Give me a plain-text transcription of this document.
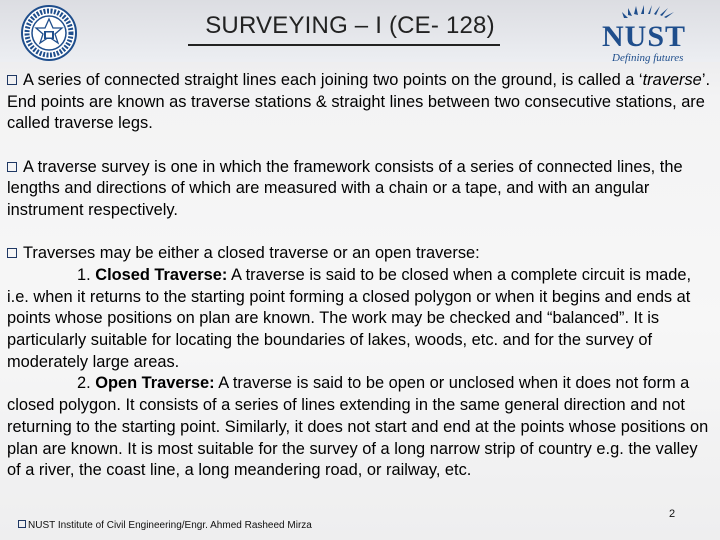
NUST
Defining futures
SURVEYING – I (CE- 128)

A series of connected straight lines each joining two points on the ground, is called a ‘traverse’. End points are known as traverse stations & straight lines between two consecutive stations, are called traverse legs.

A traverse survey is one in which the framework consists of a series of connected lines, the lengths and directions of which are measured with a chain or a tape, and with an angular instrument respectively.

Traverses may be either a closed traverse or an open traverse:
1. Closed Traverse: A traverse is said to be closed when a complete circuit is made, i.e. when it returns to the starting point forming a closed polygon or when it begins and ends at points whose positions on plan are known. The work may be checked and “balanced”. It is particularly suitable for locating the boundaries of lakes, woods, etc. and for the survey of moderately large areas.
2. Open Traverse: A traverse is said to be open or unclosed when it does not form a closed polygon. It consists of a series of lines extending in the same general direction and not returning to the starting point. Similarly, it does not start and end at the points whose positions on plan are known. It is most suitable for the survey of a long narrow strip of country e.g. the valley of a river, the coast line, a long meandering road, or railway, etc.

NUST Institute of Civil Engineering/Engr. Ahmed Rasheed Mirza
2
